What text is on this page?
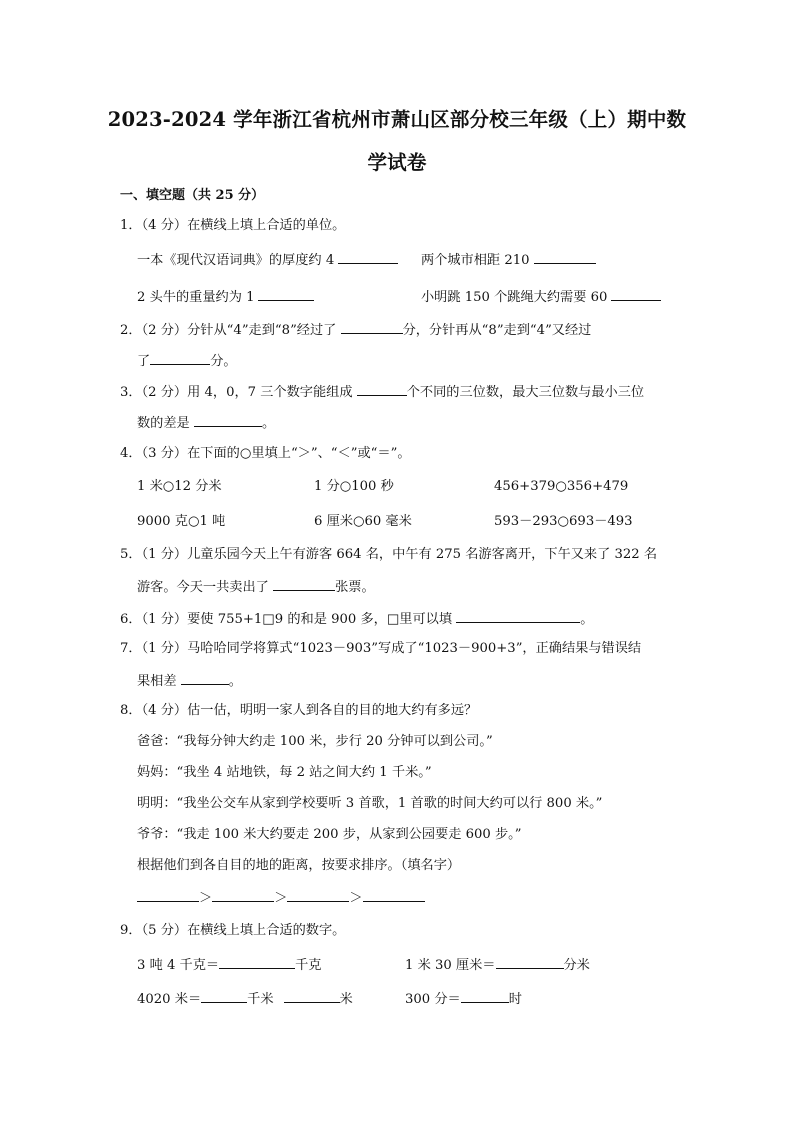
2023-2024 学年浙江省杭州市萧山区部分校三年级（上）期中数
学试卷
一、填空题（共 25 分）
1．（4 分）在横线上填上合适的单位。
一本《现代汉语词典》的厚度约 4	两个城市相距 210
2 头牛的重量约为 1	小明跳 150 个跳绳大约需要 60
2．（2 分）分针从“4”走到“8”经过了	分，分针再从“8”走到“4”又经过
了	分。
3．（2 分）用 4，0，7 三个数字能组成	个不同的三位数，最大三位数与最小三位
数的差是	。
4．（3 分）在下面的○里填上“＞”、“＜”或“＝”。
1 米○12 分米	1 分○100 秒	456+379○356+479
9000 克○1 吨	6 厘米○60 毫米	593－293○693－493
5．（1 分）儿童乐园今天上午有游客 664 名，中午有 275 名游客离开，下午又来了 322 名
游客。今天一共卖出了	张票。
6．（1 分）要使 755+1□9 的和是 900 多，□里可以填	。
7．（1 分）马哈哈同学将算式“1023－903”写成了“1023－900+3”，正确结果与错误结
果相差	。
8．（4 分）估一估，明明一家人到各自的目的地大约有多远？
爸爸：“我每分钟大约走 100 米，步行 20 分钟可以到公司。”
妈妈：“我坐 4 站地铁，每 2 站之间大约 1 千米。”
明明：“我坐公交车从家到学校要听 3 首歌，1 首歌的时间大约可以行 800 米。”
爷爷：“我走 100 米大约要走 200 步，从家到公园要走 600 步。”
根据他们到各自目的地的距离，按要求排序。（填名字）
＞	＞	＞
9．（5 分）在横线上填上合适的数字。
3 吨 4 千克＝	千克	1 米 30 厘米＝	分米
4020 米＝	千米	米	300 分＝	时
